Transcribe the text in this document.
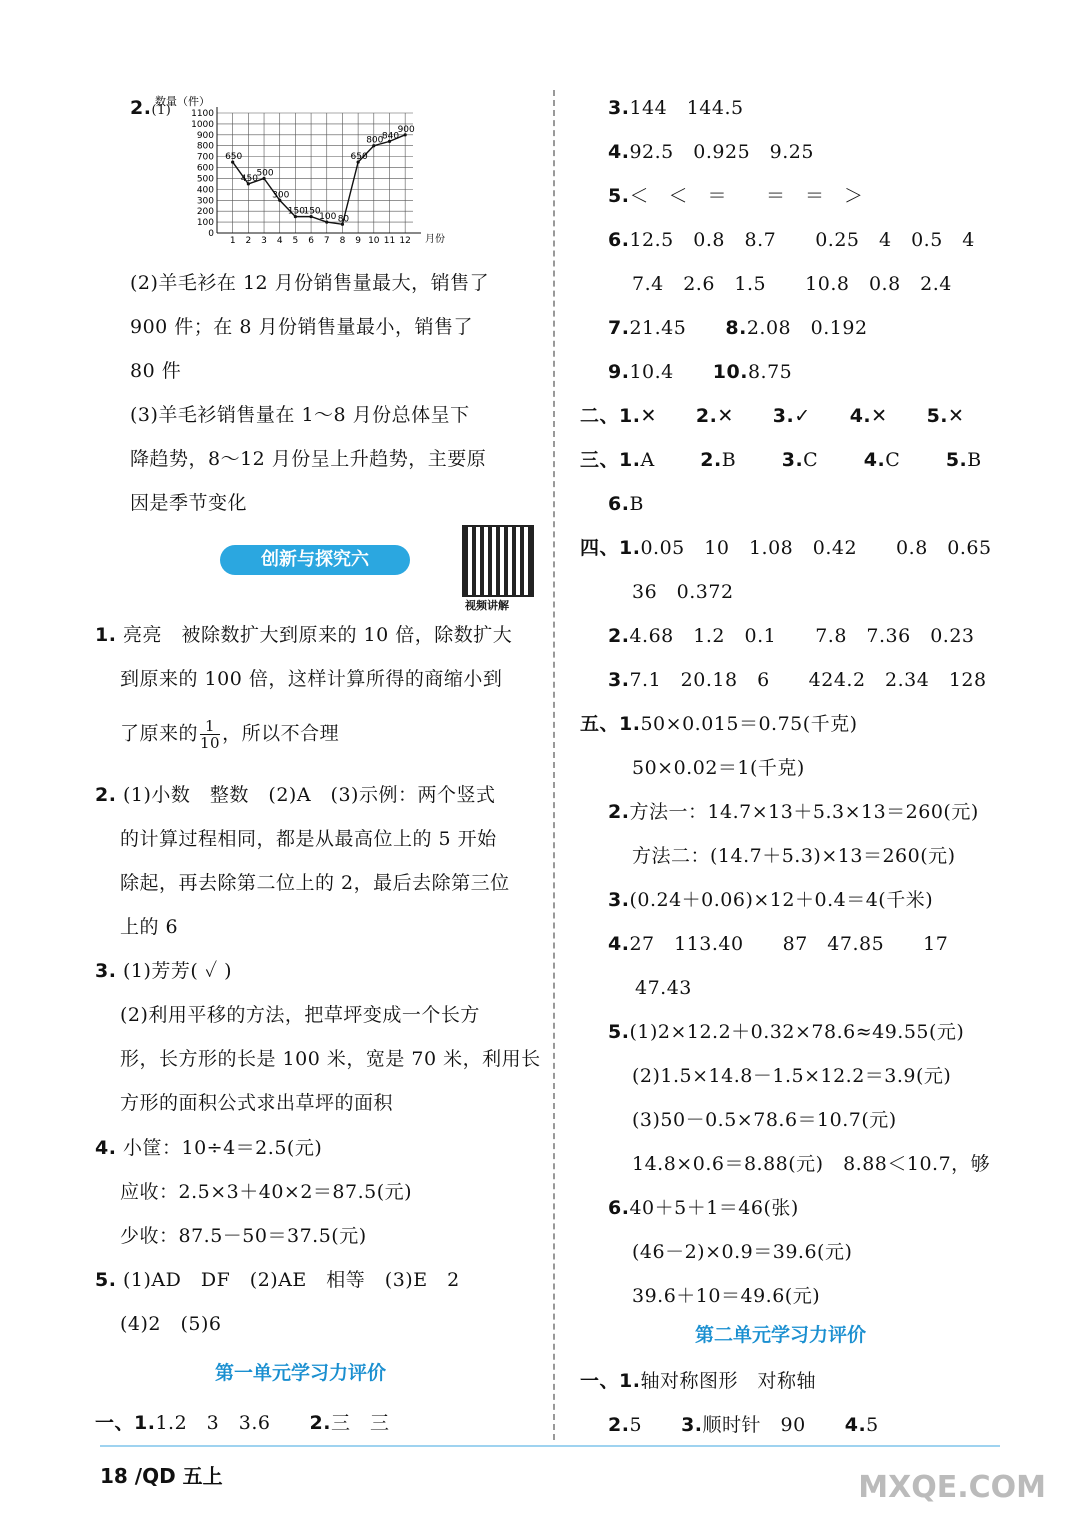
2.(1)
数量（件）
0
100
200
300
400
500
600
700
800
900
1000
1100
1 2 3 4 5 6 7 8 9 10 11 12
650
450
500
300
150
150
100 80
650
800
840
900
月份
(2)羊毛衫在 12 月份销售量最大，销售了
900 件；在 8 月份销售量最小，销售了
80 件
(3)羊毛衫销售量在 1～8 月份总体呈下
降趋势，8～12 月份呈上升趋势，主要原
因是季节变化
创新与探究六
视频讲解
1. 亮亮　被除数扩大到原来的 10 倍，除数扩大
到原来的 100 倍，这样计算所得的商缩小到
了原来的 $\frac{1}{10}$ ，所以不合理
2. (1)小数　整数　(2)A　(3)示例：两个竖式
的计算过程相同，都是从最高位上的 5 开始
除起，再去除第二位上的 2，最后去除第三位
上的 6
3. (1)芳芳( ✓ )
(2)利用平移的方法，把草坪变成一个长方
形，长方形的长是 100 米，宽是 70 米，利用长
方形的面积公式求出草坪的面积
4. 小筐：10÷4＝2.5(元)
应收：2.5×3＋40×2＝87.5(元)
少收：87.5－50＝37.5(元)
5. (1)AD　DF　(2)AE　相等　(3)E　2
(4)2　(5)6
第一单元学习力评价
一、1.1.2　3　3.6　　 2.三　三
3.144　144.5
4.92.5　0.925　9.25
5.＜　＜　＝　　＝　＝　＞
6.12.5　0.8　8.7　　0.25　4　0.5　4
7.4　2.6　1.5　　10.8　0.8　2.4
7.21.45　　 8.2.08　0.192
9.10.4　　 10.8.75
二、1.✕　　 2.✕　　 3.✓　　 4.✕　　 5.✕
三、1.A　　 2.B　　 3.C　　 4.C　　 5.B
6.B
四、1.0.05　10　1.08　0.42　　0.8　0.65
36　0.372
2.4.68　1.2　0.1　　7.8　7.36　0.23
3.7.1　20.18　6　　424.2　2.34　128
五、1.50×0.015＝0.75(千克)
50×0.02＝1(千克)
2.方法一：14.7×13＋5.3×13＝260(元)
方法二：(14.7＋5.3)×13＝260(元)
3.(0.24＋0.06)×12＋0.4＝4(千米)
4.27　113.40　　87　47.85　　17
47.43
5.(1)2×12.2＋0.32×78.6≈49.55(元)
(2)1.5×14.8－1.5×12.2＝3.9(元)
(3)50－0.5×78.6＝10.7(元)
14.8×0.6＝8.88(元)　8.88＜10.7，够
6.40＋5＋1＝46(张)
(46－2)×0.9＝39.6(元)
39.6＋10＝49.6(元)
第二单元学习力评价
一、1.轴对称图形　对称轴
2.5　　 3.顺时针　90　　 4.5
18 /QD 五上	MXQE.COM
